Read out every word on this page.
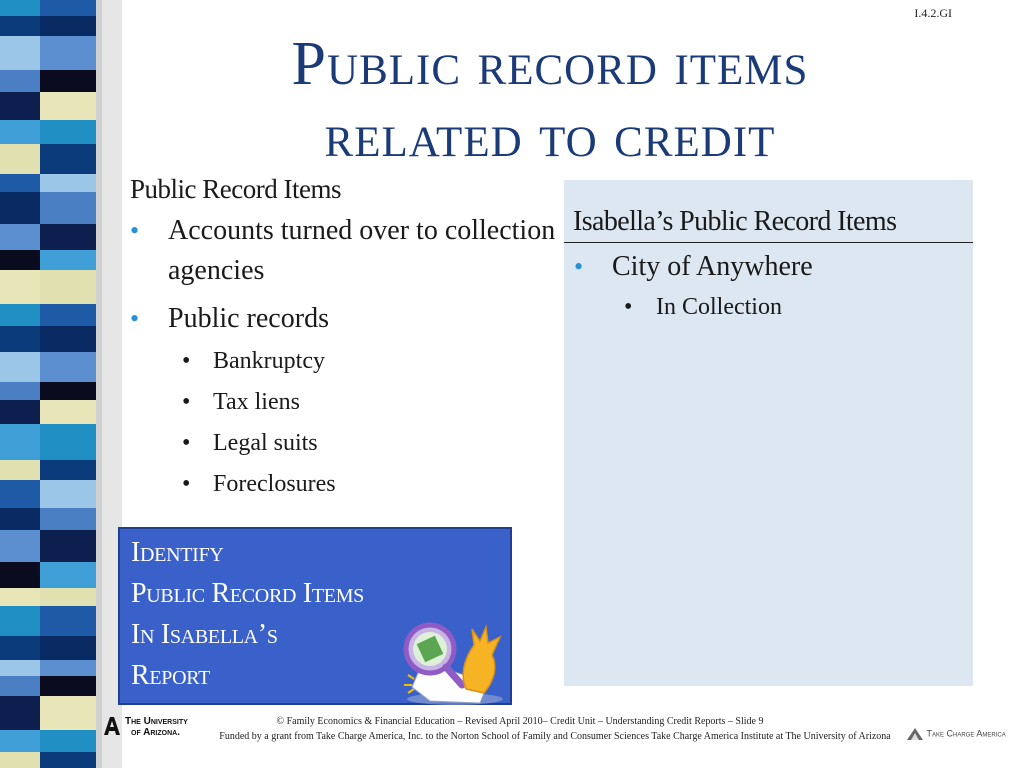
I.4.2.GI
Public record items
related to credit
Public Record Items
• Accounts turned over to collection agencies
• Public records
• Bankruptcy
• Tax liens
• Legal suits
• Foreclosures
Isabella’s Public Record Items
• City of Anywhere
• In Collection
Identify
Public Record Items
In Isabella’s
Report
The University
of Arizona.
© Family Economics & Financial Education – Revised April 2010– Credit Unit – Understanding Credit Reports – Slide 9
Funded by a grant from Take Charge America, Inc. to the Norton School of Family and Consumer Sciences Take Charge America Institute at The University of Arizona	Take Charge America
